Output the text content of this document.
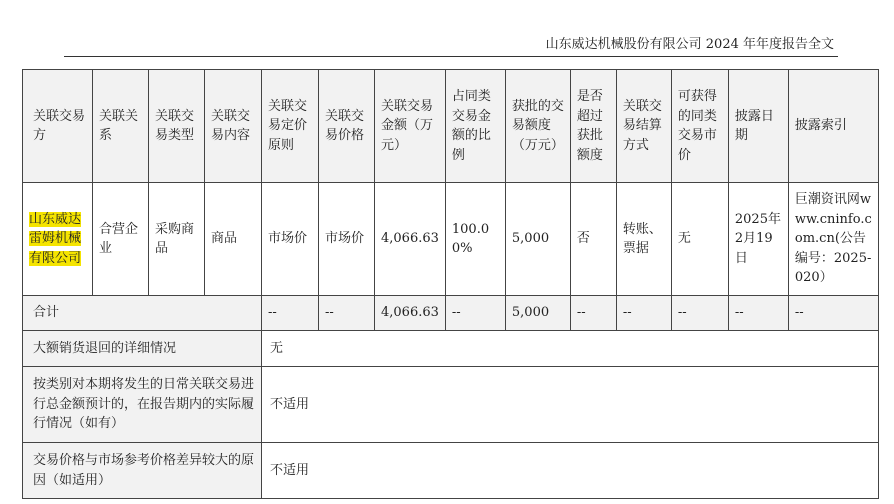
山东威达机械股份有限公司 2024 年年度报告全文
关联交易方	关联关系	关联交易类型	关联交易内容	关联交易定价原则	关联交易价格	关联交易金额（万元）	占同类交易金额的比例	获批的交易额度（万元）	是否超过获批额度	关联交易结算方式	可获得的同类交易市价	披露日期	披露索引
山东威达雷姆机械有限公司	合营企业	采购商品	商品	市场价	市场价	4,066.63	100.00%	5,000	否	转账、票据	无	2025年2月19日	巨潮资讯网www.cninfo.com.cn(公告编号：2025-020）
合计				--	--	4,066.63	--	5,000	--	--	--	--	--
大额销货退回的详细情况				无									
按类别对本期将发生的日常关联交易进行总金额预计的，在报告期内的实际履行情况（如有）				不适用									
交易价格与市场参考价格差异较大的原因（如适用）				不适用									
